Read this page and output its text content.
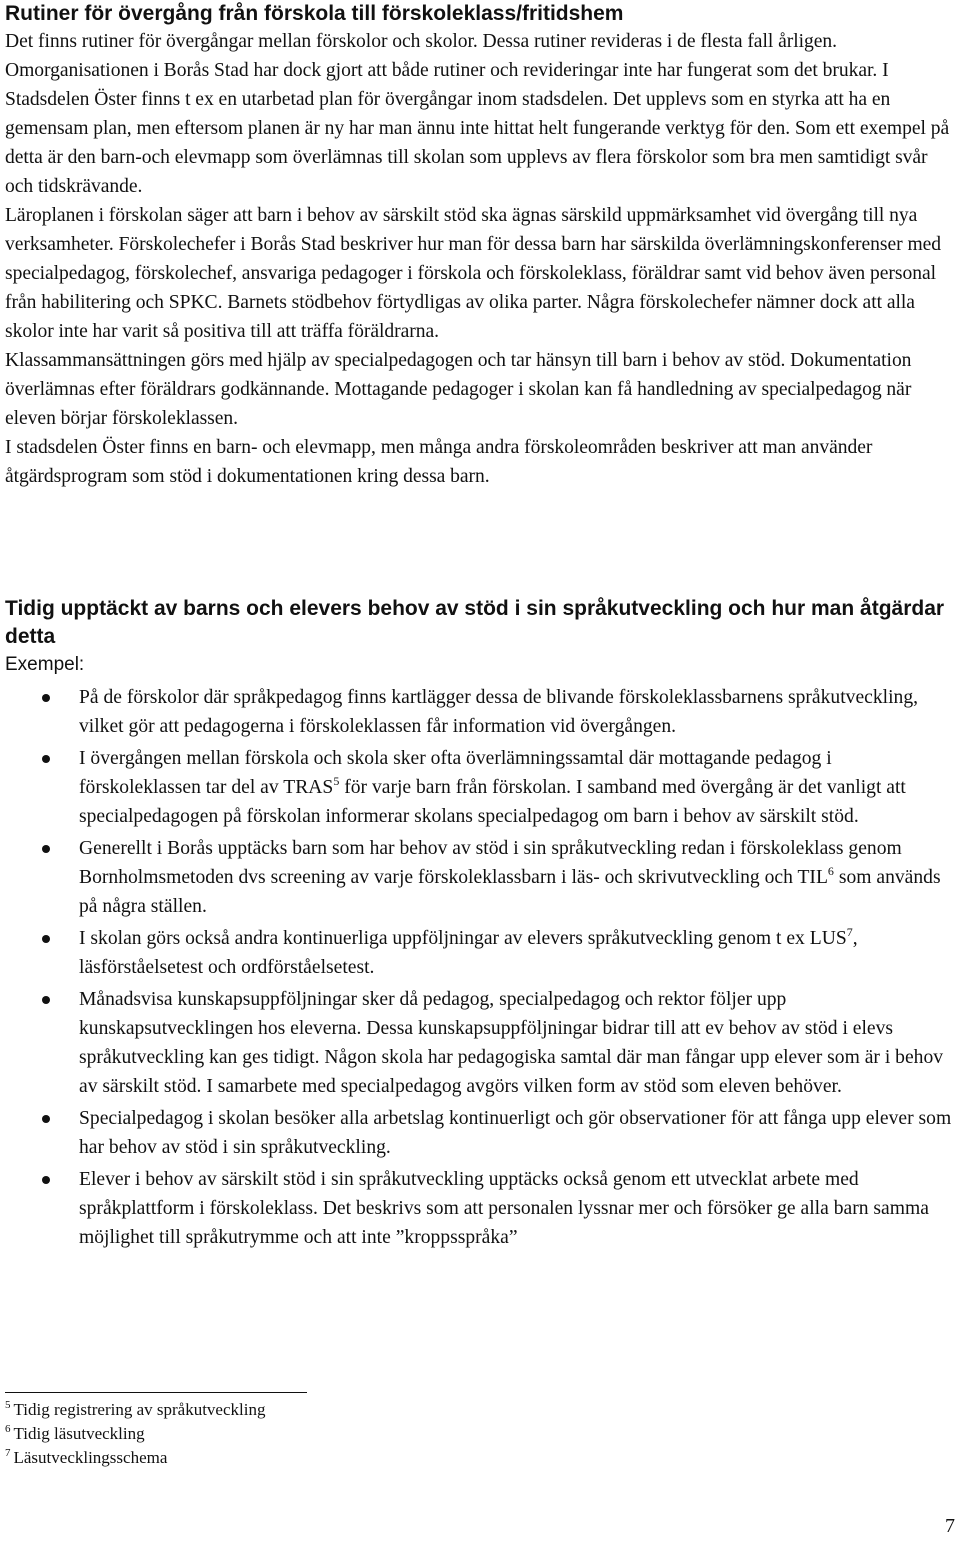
Rutiner för övergång från förskola till förskoleklass/fritidshem

Det finns rutiner för övergångar mellan förskolor och skolor. Dessa rutiner revideras i de flesta fall årligen. Omorganisationen i Borås Stad har dock gjort att både rutiner och revideringar inte har fungerat som det brukar. I Stadsdelen Öster finns t ex en utarbetad plan för övergångar inom stadsdelen. Det upplevs som en styrka att ha en gemensam plan, men eftersom planen är ny har man ännu inte hittat helt fungerande verktyg för den. Som ett exempel på detta är den barn-och elevmapp som överlämnas till skolan som upplevs av flera förskolor som bra men samtidigt svår och tidskrävande.

Läroplanen i förskolan säger att barn i behov av särskilt stöd ska ägnas särskild uppmärksamhet vid övergång till nya verksamheter. Förskolechefer i Borås Stad beskriver hur man för dessa barn har särskilda överlämningskonferenser med specialpedagog, förskolechef, ansvariga pedagoger i förskola och förskoleklass, föräldrar samt vid behov även personal från habilitering och SPKC. Barnets stödbehov förtydligas av olika parter. Några förskolechefer nämner dock att alla skolor inte har varit så positiva till att träffa föräldrarna.

Klassammansättningen görs med hjälp av specialpedagogen och tar hänsyn till barn i behov av stöd. Dokumentation överlämnas efter föräldrars godkännande. Mottagande pedagoger i skolan kan få handledning av specialpedagog när eleven börjar förskoleklassen.

I stadsdelen Öster finns en barn- och elevmapp, men många andra förskoleområden beskriver att man använder åtgärdsprogram som stöd i dokumentationen kring dessa barn.

Tidig upptäckt av barns och elevers behov av stöd i sin språkutveckling och hur man åtgärdar detta

Exempel:

På de förskolor där språkpedagog finns kartlägger dessa de blivande förskoleklassbarnens språkutveckling, vilket gör att pedagogerna i förskoleklassen får information vid övergången.
I övergången mellan förskola och skola sker ofta överlämningssamtal där mottagande pedagog i förskoleklassen tar del av TRAS$^5$ för varje barn från förskolan. I samband med övergång är det vanligt att specialpedagogen på förskolan informerar skolans specialpedagog om barn i behov av särskilt stöd.
Generellt i Borås upptäcks barn som har behov av stöd i sin språkutveckling redan i förskoleklass genom Bornholmsmetoden dvs screening av varje förskoleklassbarn i läs- och skrivutveckling och TIL$^6$ som används på några ställen.
I skolan görs också andra kontinuerliga uppföljningar av elevers språkutveckling genom t ex LUS$^7$, läsförståelsetest och ordförståelsetest.
Månadsvisa kunskapsuppföljningar sker då pedagog, specialpedagog och rektor följer upp kunskapsutvecklingen hos eleverna. Dessa kunskapsuppföljningar bidrar till att ev behov av stöd i elevs språkutveckling kan ges tidigt. Någon skola har pedagogiska samtal där man fångar upp elever som är i behov av särskilt stöd. I samarbete med specialpedagog avgörs vilken form av stöd som eleven behöver.
Specialpedagog i skolan besöker alla arbetslag kontinuerligt och gör observationer för att fånga upp elever som har behov av stöd i sin språkutveckling.
Elever i behov av särskilt stöd i sin språkutveckling upptäcks också genom ett utvecklat arbete med språkplattform i förskoleklass. Det beskrivs som att personalen lyssnar mer och försöker ge alla barn samma möjlighet till språkutrymme och att inte ”kroppsspråka”
$^5$ Tidig registrering av språkutveckling
$^6$ Tidig läsutveckling
$^7$ Läsutvecklingsschema
7
